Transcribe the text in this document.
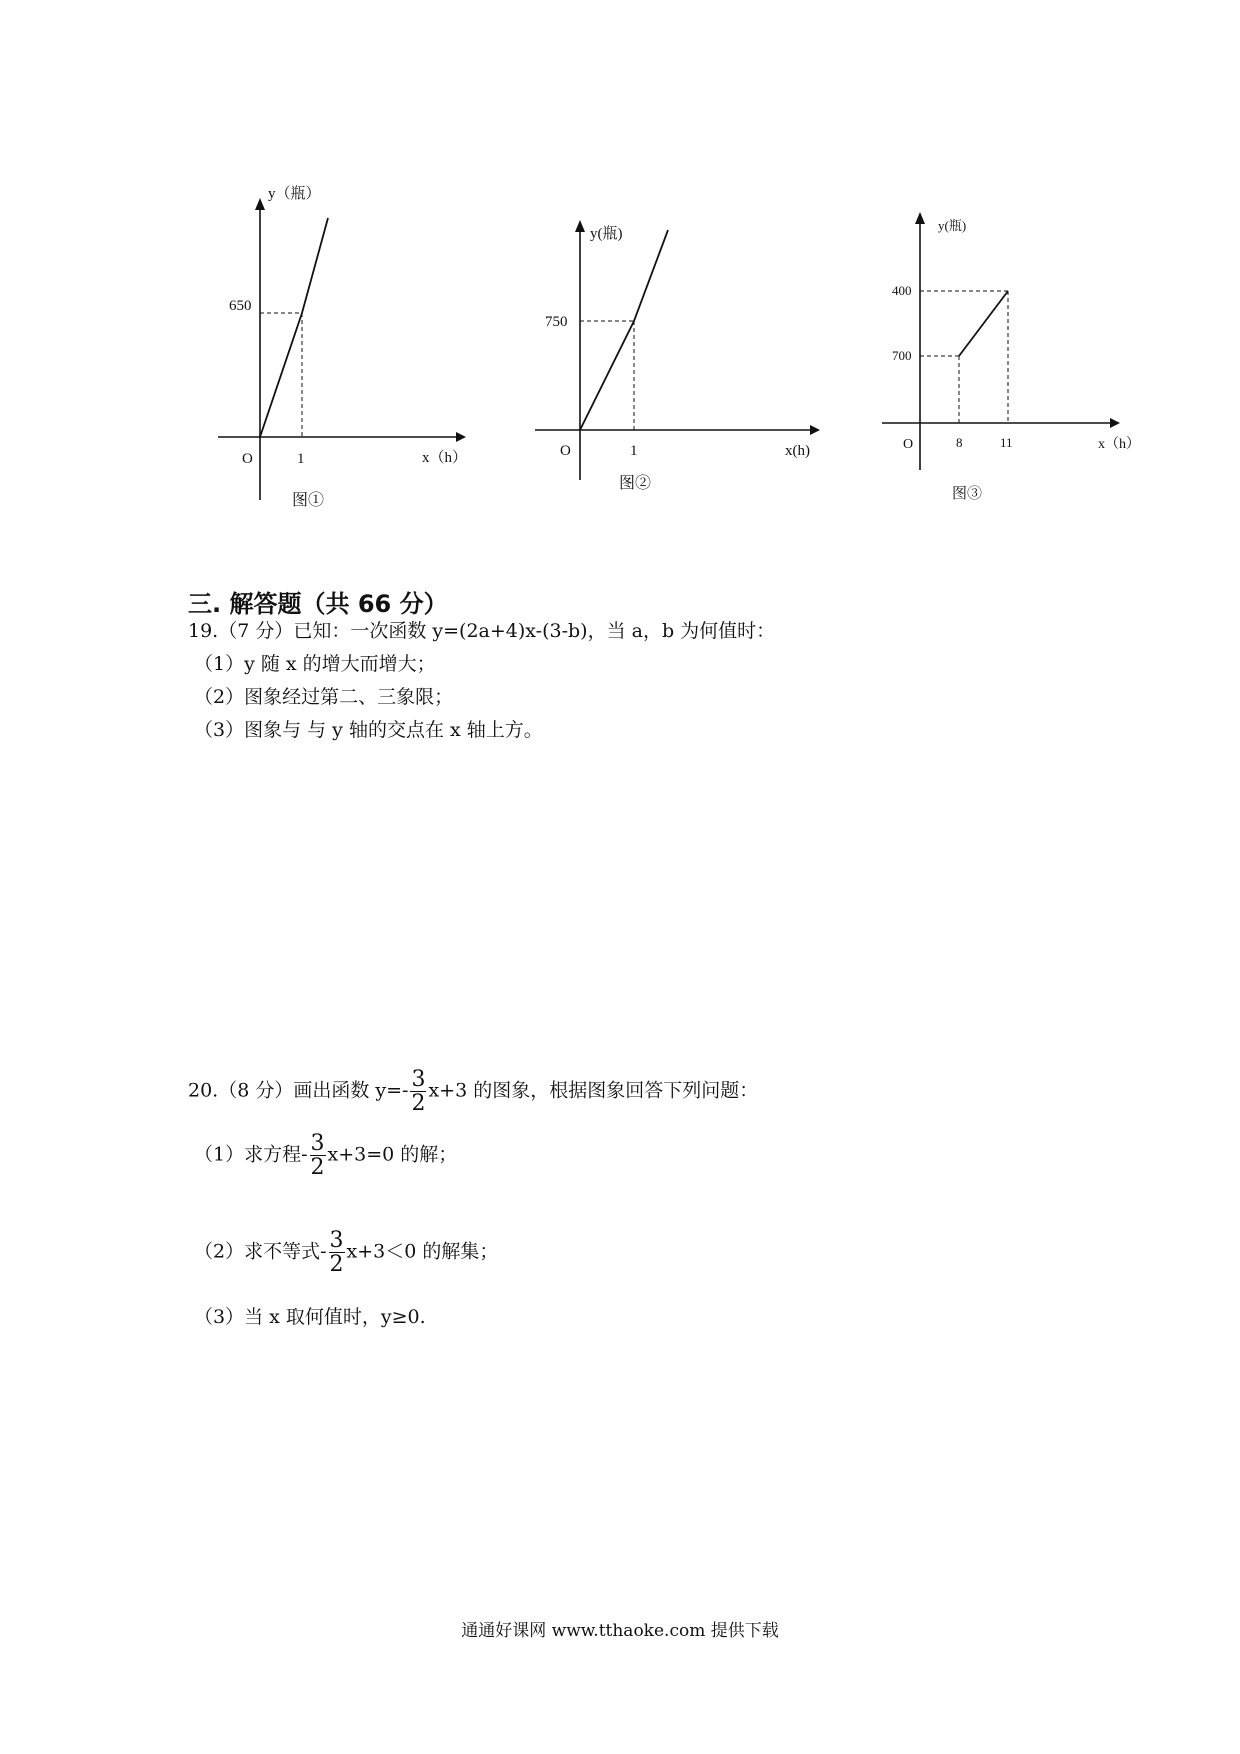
y（瓶）
x（h）
O	1
650
图①
y(瓶)
x(h)
O	1
750
图②
y(瓶)
x（h）
O	8	11
400
700
图③
三. 解答题（共 66 分）
19.（7 分）已知：一次函数 y=(2a+4)x-(3-b)，当 a，b 为何值时：
（1）y 随 x 的增大而增大；
（2）图象经过第二、三象限；
（3）图象与 与 y 轴的交点在 x 轴上方。
20.（8 分）画出函数 $y=- \frac{3}{2} x+3$ 的图象，根据图象回答下列问题：
（1）求方程- $\frac{3}{2} x+3=0$ 的解；
（2）求不等式- $\frac{3}{2} x+3<0$ 的解集；
（3）当 x 取何值时，y≥0.
通通好课网 www.tthaoke.com 提供下载
